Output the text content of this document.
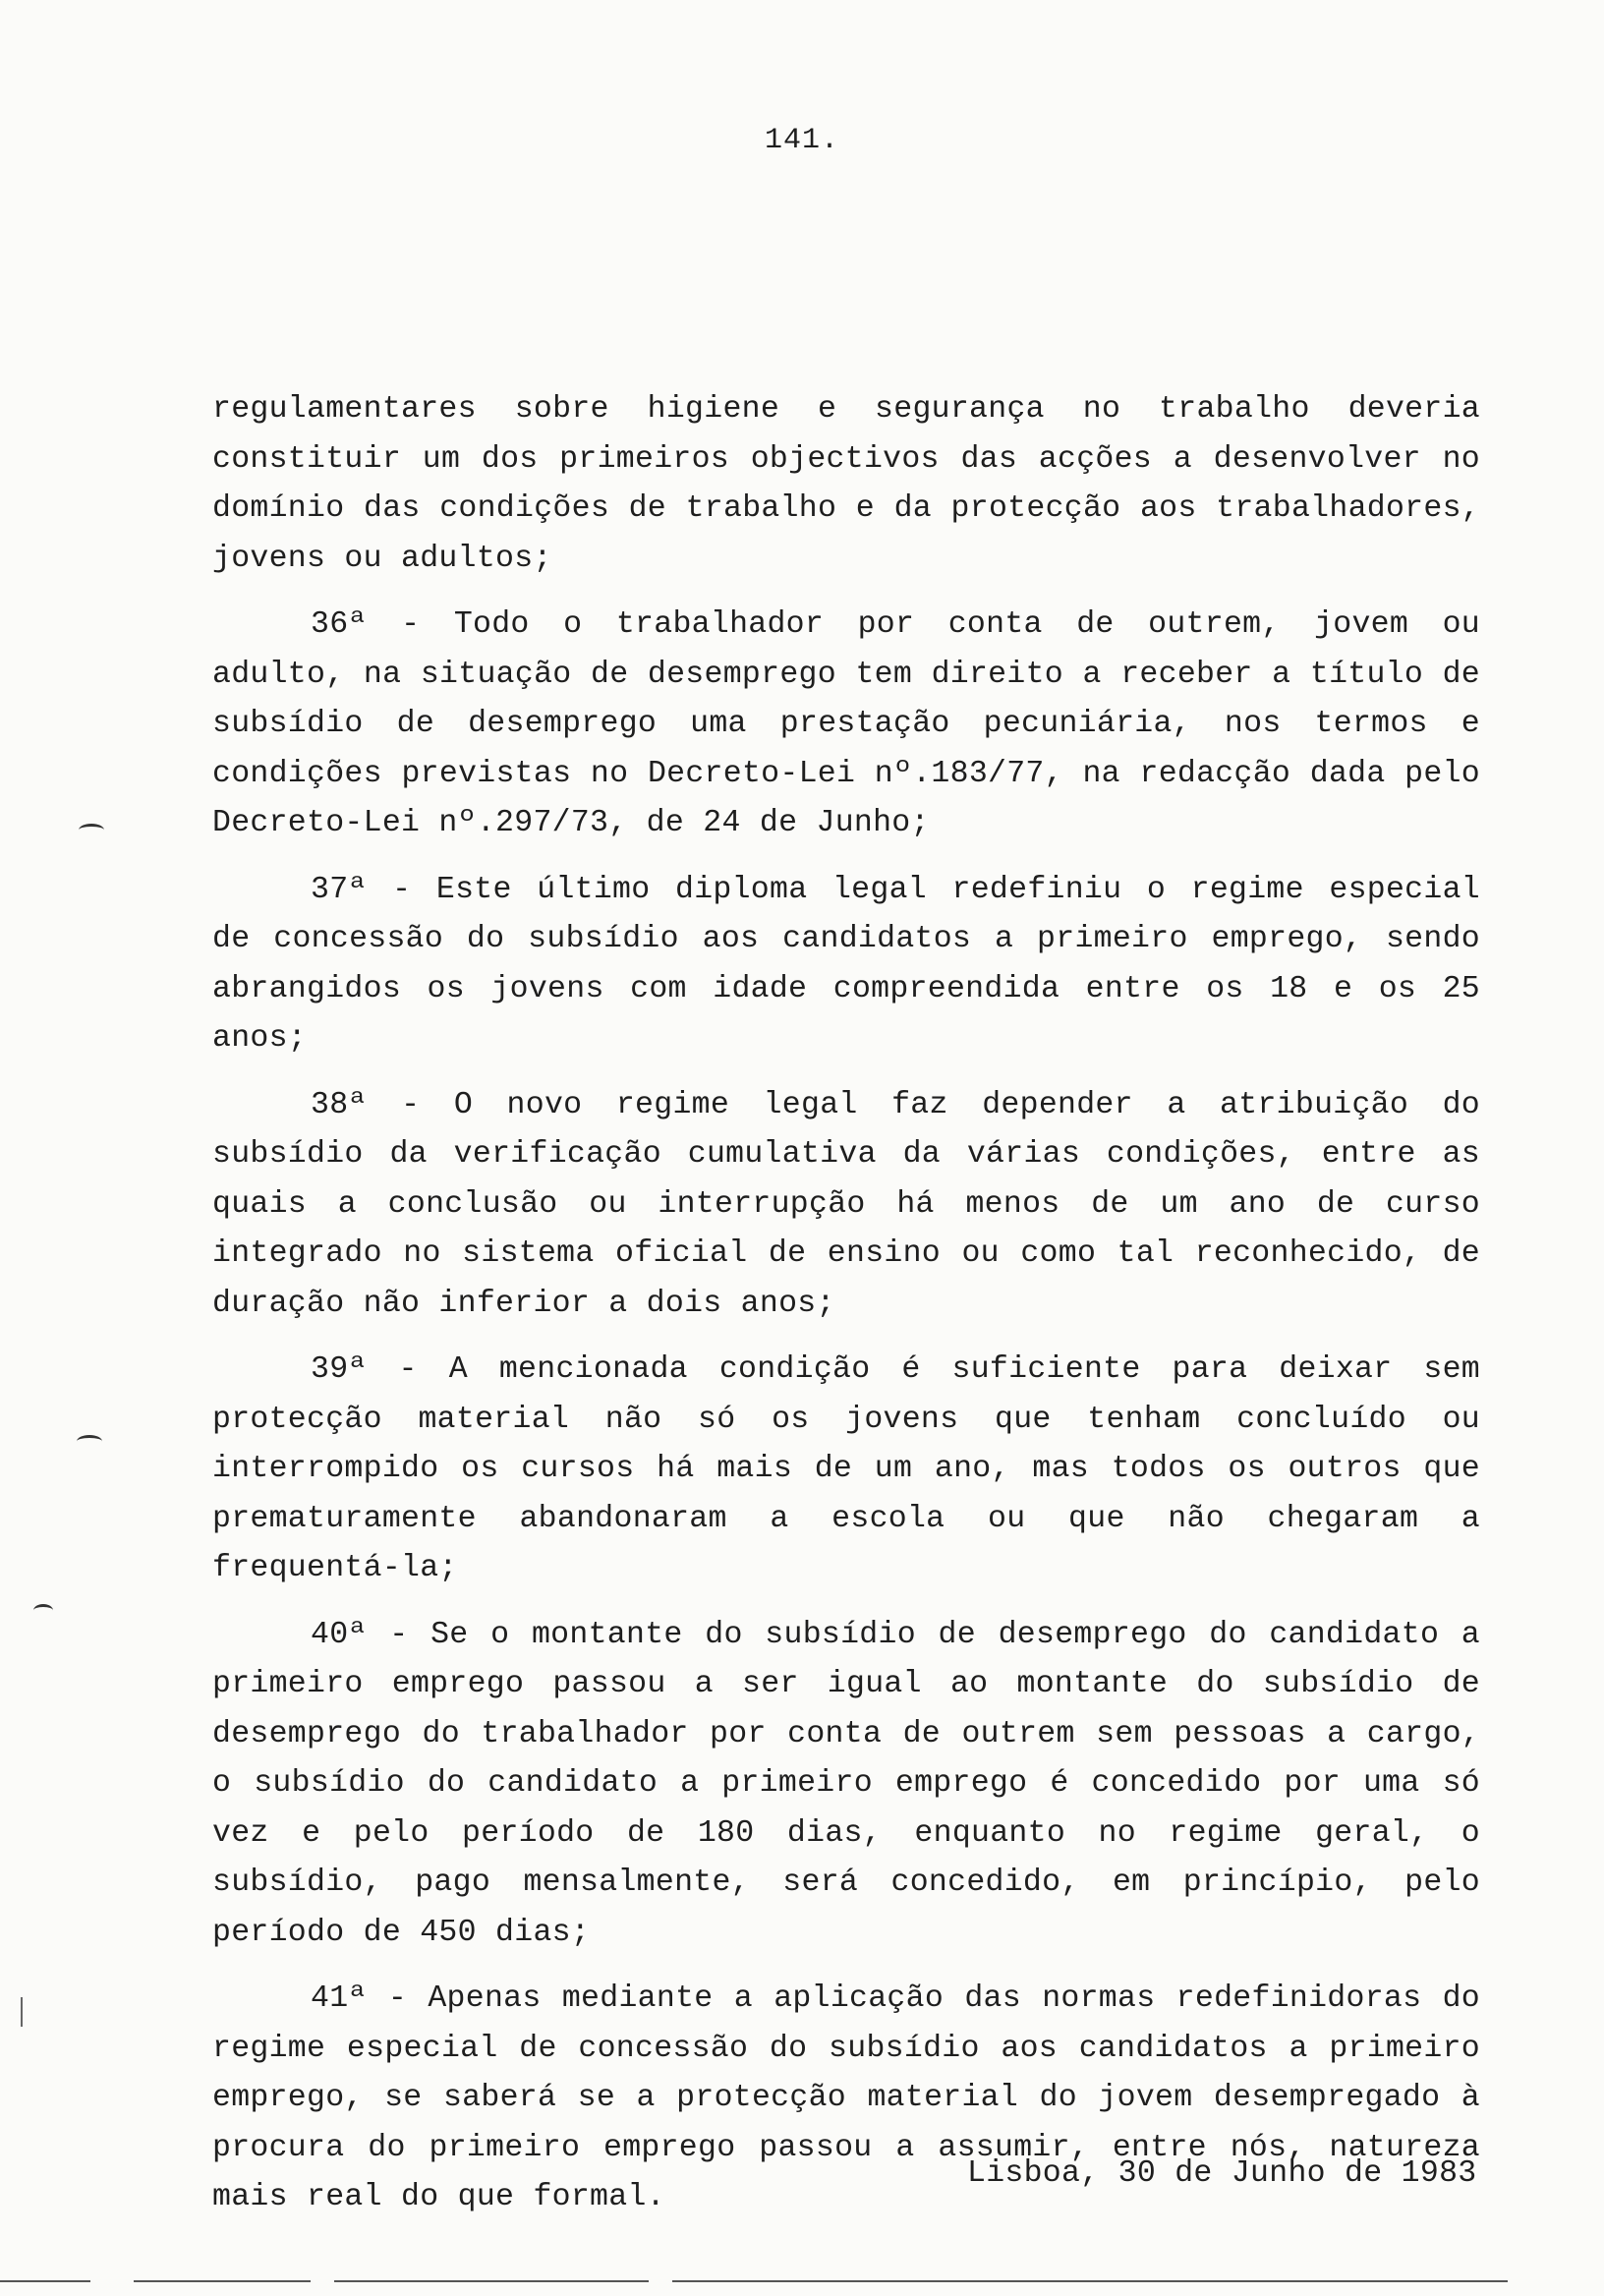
141.

regulamentares sobre higiene e segurança no trabalho deveria constituir um dos primeiros objectivos das acções a desenvolver no domínio das condições de trabalho e da protecção aos trabalhadores, jovens ou adultos;

36ª - Todo o trabalhador por conta de outrem, jovem ou adulto, na situação de desemprego tem direito a receber a título de subsídio de desemprego uma prestação pecuniária, nos termos e condições previstas no Decreto-Lei nº.183/77, na redacção dada pelo Decreto-Lei nº.297/73, de 24 de Junho;

37ª - Este último diploma legal redefiniu o regime especial de concessão do subsídio aos candidatos a primeiro emprego, sendo abrangidos os jovens com idade compreendida entre os 18 e os 25 anos;

38ª - O novo regime legal faz depender a atribuição do subsídio da verificação cumulativa da várias condições, entre as quais a conclusão ou interrupção há menos de um ano de curso integrado no sistema oficial de ensino ou como tal reconhecido, de duração não inferior a dois anos;

39ª - A mencionada condição é suficiente para deixar sem protecção material não só os jovens que tenham concluído ou interrompido os cursos há mais de um ano, mas todos os outros que prematuramente abandonaram a escola ou que não chegaram a frequentá-la;

40ª - Se o montante do subsídio de desemprego do candidato a primeiro emprego passou a ser igual ao montante do subsídio de desemprego do trabalhador por conta de outrem sem pessoas a cargo, o subsídio do candidato a primeiro emprego é concedido por uma só vez e pelo período de 180 dias, enquanto no regime geral, o subsídio, pago mensalmente, será concedido, em princípio, pelo período de 450 dias;

41ª - Apenas mediante a aplicação das normas redefinidoras do regime especial de concessão do subsídio aos candidatos a primeiro emprego, se saberá se a protecção material do jovem desempregado à procura do primeiro emprego passou a assumir, entre nós, natureza mais real do que formal.

Lisboa, 30 de Junho de 1983
